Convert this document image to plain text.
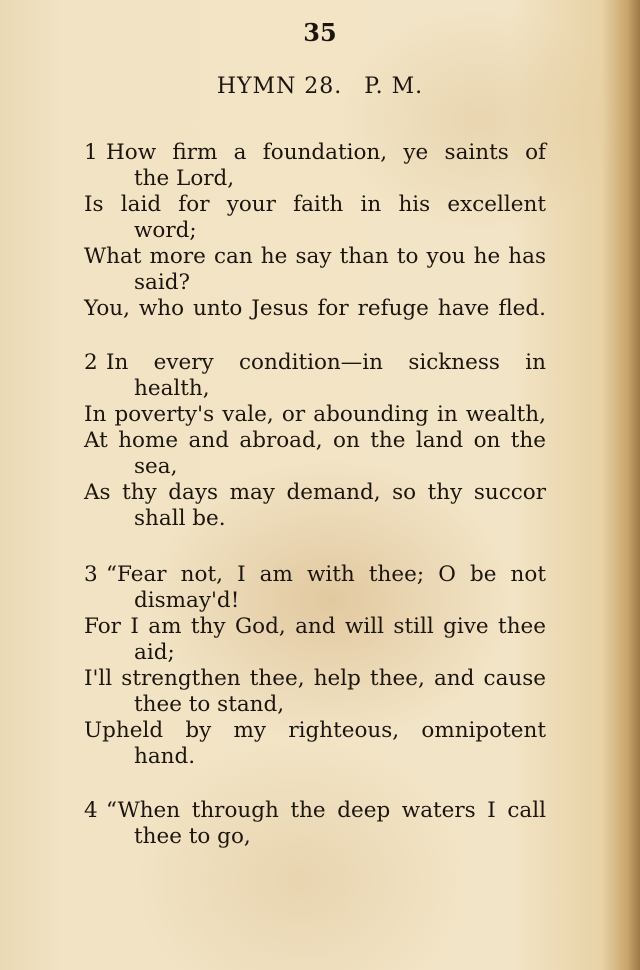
35
HYMN 28. P. M.
1 How firm a foundation, ye saints of
the Lord,
Is laid for your faith in his excellent
word;
What more can he say than to you he has
said?
You, who unto Jesus for refuge have fled.
2 In every condition—in sickness in
health,
In poverty's vale, or abounding in wealth,
At home and abroad, on the land on the
sea,
As thy days may demand, so thy succor
shall be.
3 “Fear not, I am with thee; O be not
dismay'd!
For I am thy God, and will still give thee
aid;
I'll strengthen thee, help thee, and cause
thee to stand,
Upheld by my righteous, omnipotent
hand.
4 “When through the deep waters I call
thee to go,
